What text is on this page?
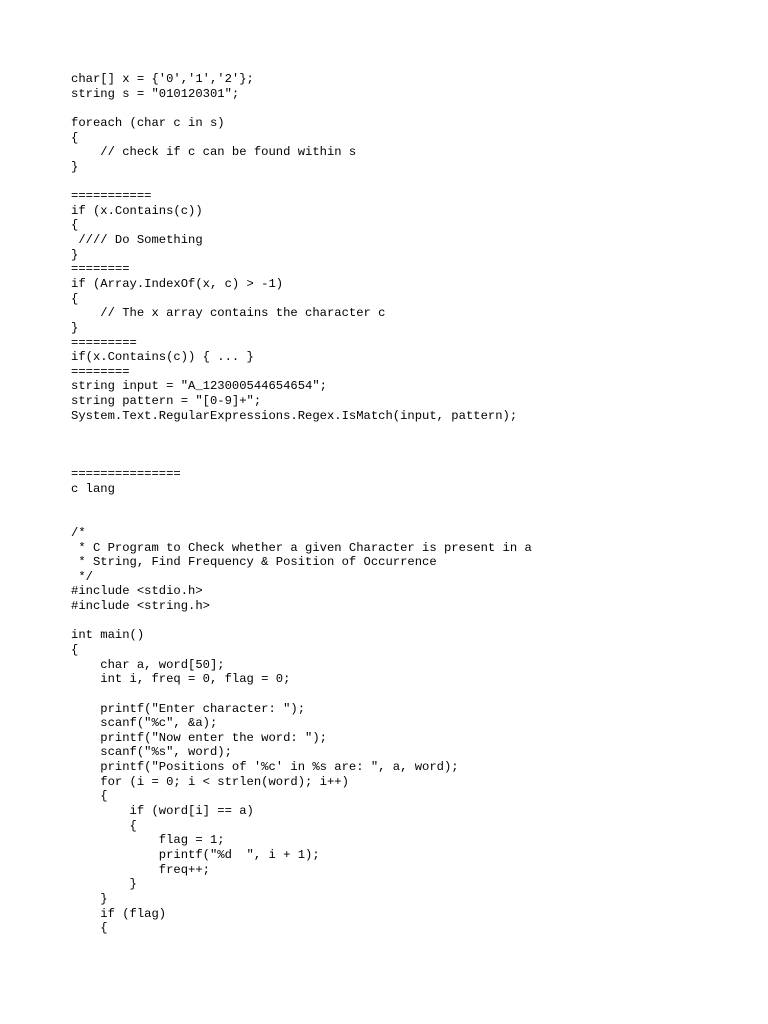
char[] x = {'0','1','2'};
string s = "010120301";
foreach (char c in s)
{
// check if c can be found within s
}
===========
if (x.Contains(c))
{
//// Do Something
}
========
if (Array.IndexOf(x, c) > -1)
{
// The x array contains the character c
}
=========
if(x.Contains(c)) { ... }
========
string input = "A_123000544654654";
string pattern = "[0-9]+";
System.Text.RegularExpressions.Regex.IsMatch(input, pattern);
===============
c lang
/*
* C Program to Check whether a given Character is present in a
* String, Find Frequency & Position of Occurrence
*/
#include <stdio.h>
#include <string.h>
int main()
{
char a, word[50];
int i, freq = 0, flag = 0;
printf("Enter character: ");
scanf("%c", &a);
printf("Now enter the word: ");
scanf("%s", word);
printf("Positions of '%c' in %s are: ", a, word);
for (i = 0; i < strlen(word); i++)
{
if (word[i] == a)
{
flag = 1;
printf("%d  ", i + 1);
freq++;
}
}
if (flag)
{
